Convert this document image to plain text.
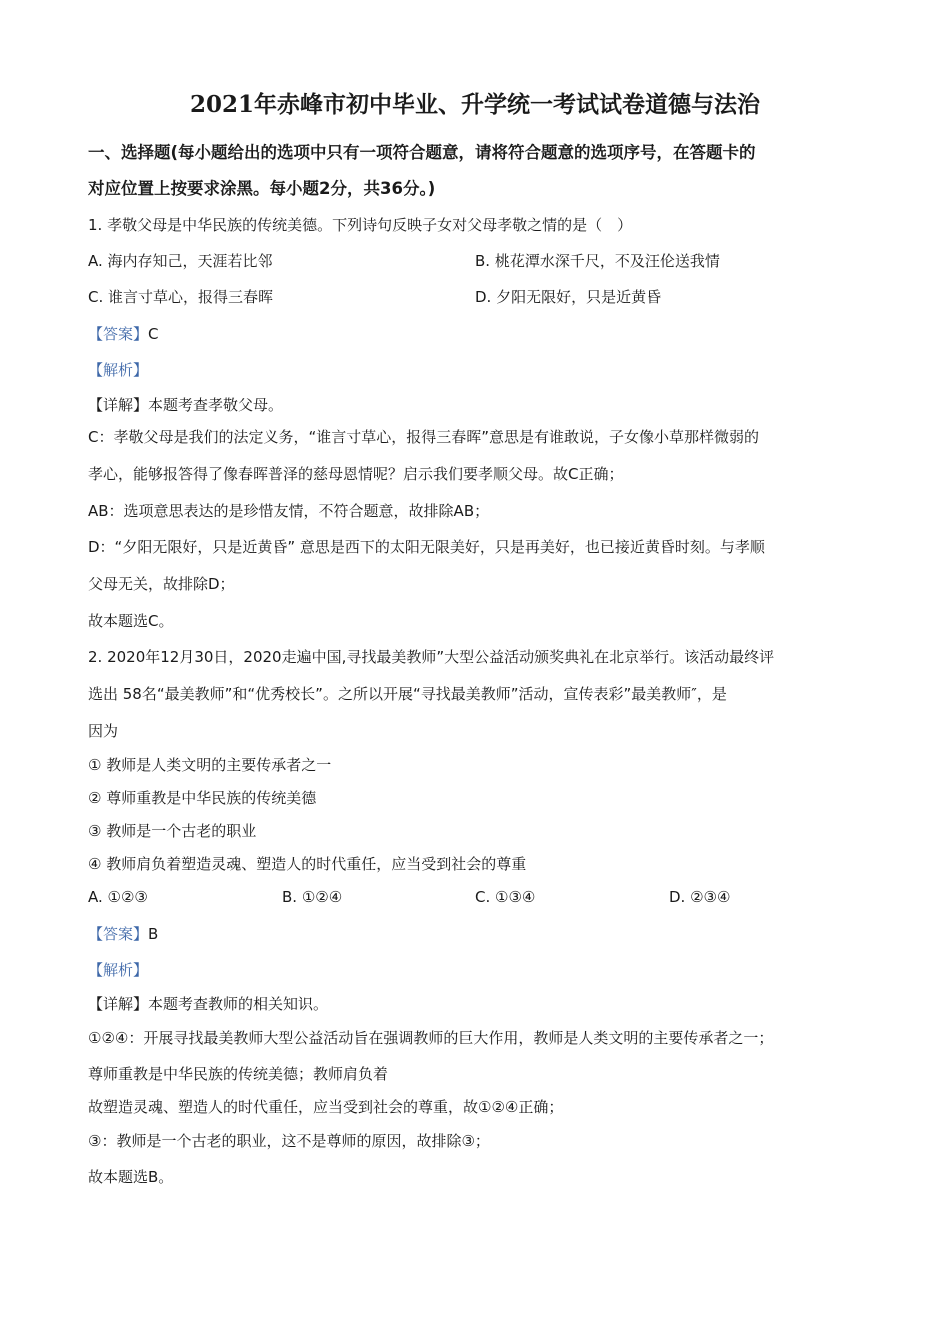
2021年赤峰市初中毕业、升学统一考试试卷道德与法治
一、选择题(每小题给出的选项中只有一项符合题意，请将符合题意的选项序号，在答题卡的
对应位置上按要求涂黑。每小题2分，共36分。)
1. 孝敬父母是中华民族的传统美德。下列诗句反映子女对父母孝敬之情的是（　）
A. 海内存知己，天涯若比邻	B. 桃花潭水深千尺，不及汪伦送我情
C. 谁言寸草心，报得三春晖	D. 夕阳无限好，只是近黄昏
【答案】C
【解析】
【详解】本题考查孝敬父母。
C：孝敬父母是我们的法定义务，“谁言寸草心，报得三春晖”意思是有谁敢说，子女像小草那样微弱的
孝心，能够报答得了像春晖普泽的慈母恩情呢？启示我们要孝顺父母。故C正确；
AB：选项意思表达的是珍惜友情，不符合题意，故排除AB；
D：“夕阳无限好，只是近黄昏” 意思是西下的太阳无限美好，只是再美好，也已接近黄昏时刻。与孝顺
父母无关，故排除D；
故本题选C。
2. 2020年12月30日，2020走遍中国,寻找最美教师”大型公益活动颁奖典礼在北京举行。该活动最终评
选出 58名“最美教师”和“优秀校长”。之所以开展“寻找最美教师”活动，宣传表彩”最美教师″，是
因为
① 教师是人类文明的主要传承者之一
② 尊师重教是中华民族的传统美德
③ 教师是一个古老的职业
④ 教师肩负着塑造灵魂、塑造人的时代重任，应当受到社会的尊重
A. ①②③	B. ①②④	C. ①③④	D. ②③④
【答案】B
【解析】
【详解】本题考查教师的相关知识。
①②④：开展寻找最美教师大型公益活动旨在强调教师的巨大作用，教师是人类文明的主要传承者之一；
尊师重教是中华民族的传统美德；教师肩负着
故塑造灵魂、塑造人的时代重任，应当受到社会的尊重，故①②④正确；
③：教师是一个古老的职业，这不是尊师的原因，故排除③；
故本题选B。
